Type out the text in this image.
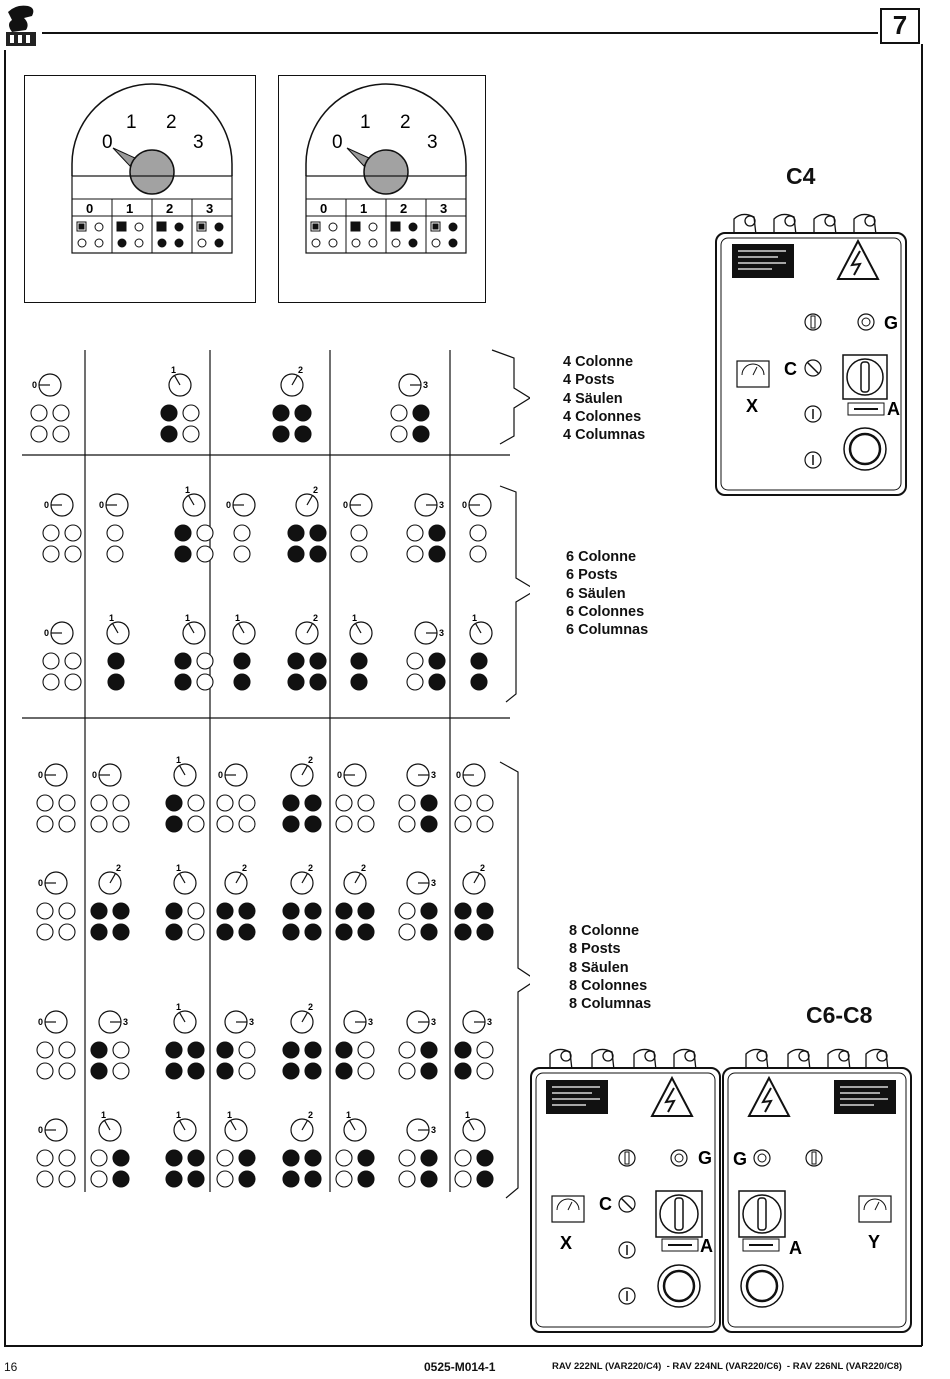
7
0
1 2
3
0	1	2	3
0
1 2
3
0	1	2	3
0
1	2
3
0	0
1
0
2
0	3 0
0
1	1	1	2	1
3
1
0	0
1
0
2
0	3 0
0
2	1	2	2	2
3
2
0	3
1
3
2
3	3	3
0
1	1	1	2	1
3
1
4 Colonne
4 Posts
4 Säulen
4 Colonnes
4 Columnas
6 Colonne
6 Posts
6 Säulen
6 Colonnes
6 Columnas
8 Colonne
8 Posts
8 Säulen
8 Colonnes
8 Columnas
C4
G
X
C
A
C6-C8
G
X
C
A
G
A	Y
16	0525-M014-1	RAV 222NL (VAR220/C4)  - RAV 224NL (VAR220/C6)  - RAV 226NL (VAR220/C8)
